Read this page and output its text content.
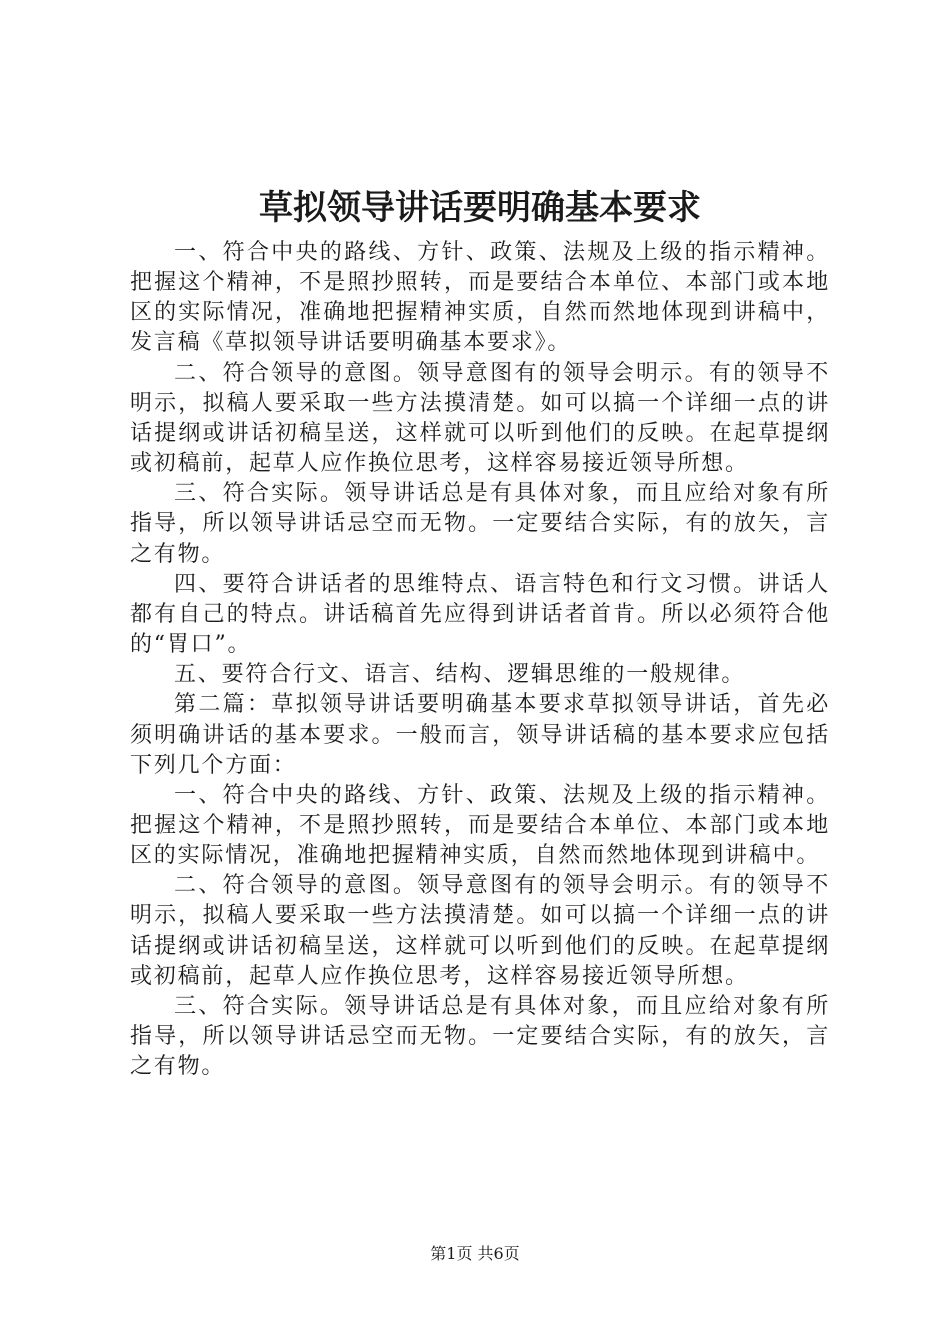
草拟领导讲话要明确基本要求

一、符合中央的路线、方针、政策、法规及上级的指示精神。把握这个精神，不是照抄照转，而是要结合本单位、本部门或本地区的实际情况，准确地把握精神实质，自然而然地体现到讲稿中，发言稿《草拟领导讲话要明确基本要求》。

二、符合领导的意图。领导意图有的领导会明示。有的领导不明示，拟稿人要采取一些方法摸清楚。如可以搞一个详细一点的讲话提纲或讲话初稿呈送，这样就可以听到他们的反映。在起草提纲或初稿前，起草人应作换位思考，这样容易接近领导所想。

三、符合实际。领导讲话总是有具体对象，而且应给对象有所指导，所以领导讲话忌空而无物。一定要结合实际，有的放矢，言之有物。

四、要符合讲话者的思维特点、语言特色和行文习惯。讲话人都有自己的特点。讲话稿首先应得到讲话者首肯。所以必须符合他的“胃口”。

五、要符合行文、语言、结构、逻辑思维的一般规律。

第二篇：草拟领导讲话要明确基本要求草拟领导讲话，首先必须明确讲话的基本要求。一般而言，领导讲话稿的基本要求应包括下列几个方面：

一、符合中央的路线、方针、政策、法规及上级的指示精神。把握这个精神，不是照抄照转，而是要结合本单位、本部门或本地区的实际情况，准确地把握精神实质，自然而然地体现到讲稿中。

二、符合领导的意图。领导意图有的领导会明示。有的领导不明示，拟稿人要采取一些方法摸清楚。如可以搞一个详细一点的讲话提纲或讲话初稿呈送，这样就可以听到他们的反映。在起草提纲或初稿前，起草人应作换位思考，这样容易接近领导所想。

三、符合实际。领导讲话总是有具体对象，而且应给对象有所指导，所以领导讲话忌空而无物。一定要结合实际，有的放矢，言之有物。

第1页 共6页
